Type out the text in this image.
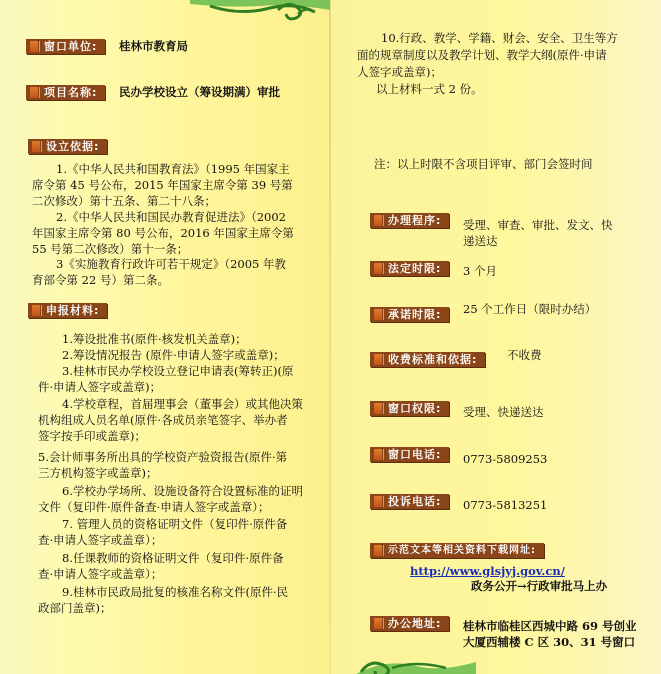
窗口单位:	桂林市教育局
项目名称:	民办学校设立（筹设期满）审批
设立依据:
1.《中华人民共和国教育法》（1995 年国家主
席令第 45 号公布，2015 年国家主席令第 39 号第
二次修改）第十五条、第二十八条；
2.《中华人民共和国民办教育促进法》（2002
年国家主席令第 80 号公布，2016 年国家主席令第
55 号第二次修改）第十一条；
3《实施教育行政许可若干规定》（2005 年教
育部令第 22 号）第二条。
申报材料:
1.筹设批准书(原件·核发机关盖章)；
2.筹设情况报告 (原件·申请人签字或盖章)；
3.桂林市民办学校设立登记申请表(筹转正)(原
件·申请人签字或盖章)；
4.学校章程，首届理事会（董事会）或其他决策
机构组成人员名单(原件·各成员亲笔签字、举办者
签字按手印或盖章)；
5.会计师事务所出具的学校资产验资报告(原件·第
三方机构签字或盖章)；
6.学校办学场所、设施设备符合设置标准的证明
文件（复印件·原件备查·申请人签字或盖章）；
7. 管理人员的资格证明文件（复印件·原件备
查·申请人签字或盖章）；
8.任课教师的资格证明文件（复印件·原件备
查·申请人签字或盖章）；
9.桂林市民政局批复的核准名称文件(原件·民
政部门盖章)；
10.行政、教学、学籍、财会、安全、卫生等方
面的规章制度以及教学计划、教学大纲(原件·申请
人签字或盖章)；
以上材料一式 2 份。
注：以上时限不含项目评审、部门会签时间
办理程序:	受理、审查、审批、发文、快
递送达
法定时限:	3 个月
承诺时限:	25 个工作日（限时办结）
收费标准和依据:	不收费
窗口权限:	受理、快递送达
窗口电话:	0773-5809253
投诉电话:	0773-5813251
示范文本等相关资料下载网址:
http://www.glsjyj.gov.cn/
政务公开→行政审批马上办
办公地址:	桂林市临桂区西城中路 69 号创业
大厦西辅楼 C 区 30、31 号窗口
